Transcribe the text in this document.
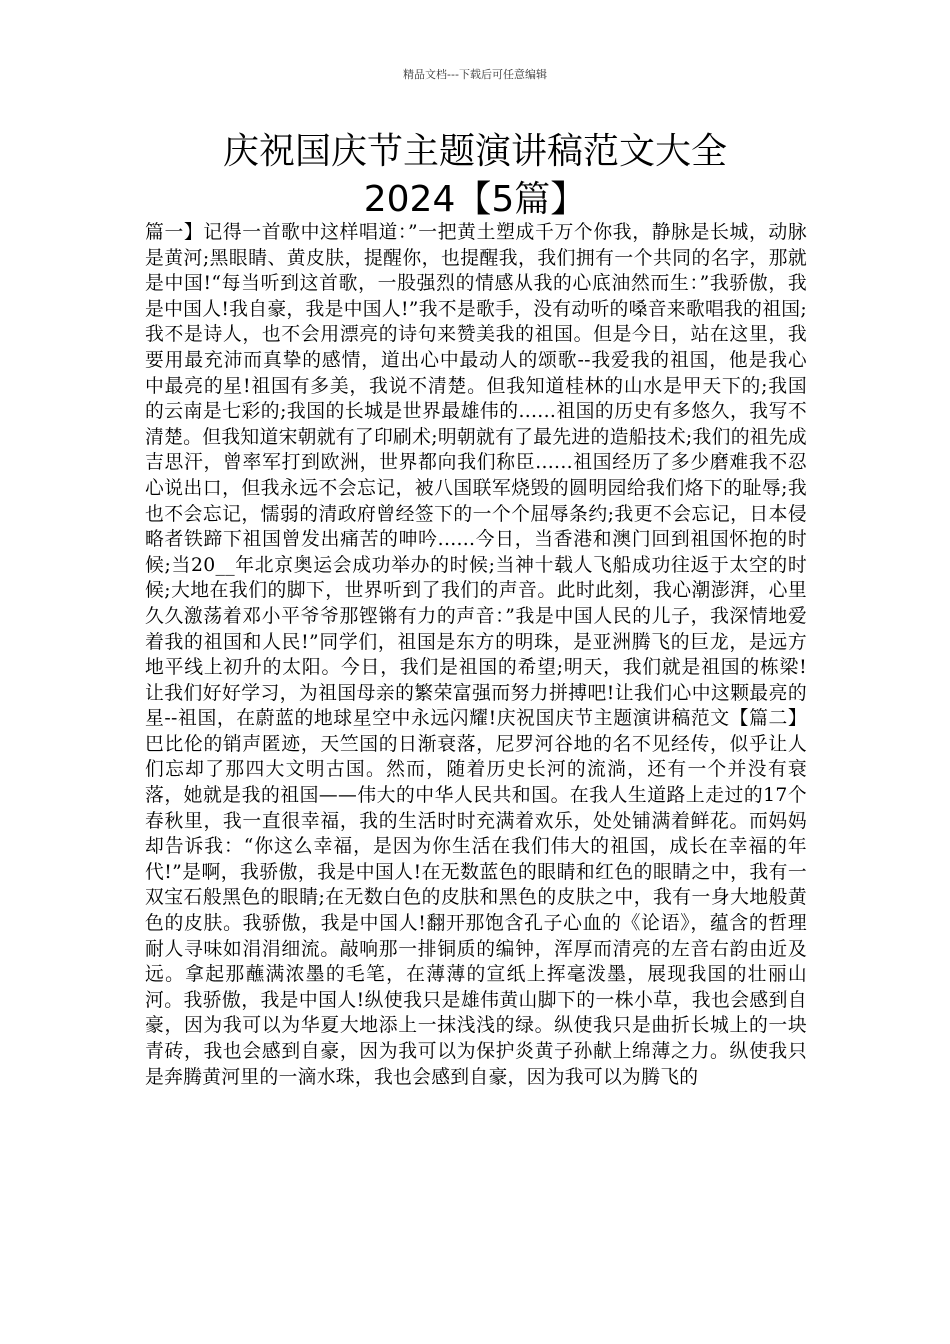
精品文档---下载后可任意编辑
庆祝国庆节主题演讲稿范文大全
2024【5篇】

篇一】记得一首歌中这样唱道：”一把黄土塑成千万个你我，静脉是长城，动脉是黄河;黑眼睛、黄皮肤，提醒你，也提醒我，我们拥有一个共同的名字，那就是中国!“每当听到这首歌，一股强烈的情感从我的心底油然而生：”我骄傲，我是中国人!我自豪，我是中国人!”我不是歌手，没有动听的嗓音来歌唱我的祖国;我不是诗人，也不会用漂亮的诗句来赞美我的祖国。但是今日，站在这里，我要用最充沛而真挚的感情，道出心中最动人的颂歌--我爱我的祖国，他是我心中最亮的星!祖国有多美，我说不清楚。但我知道桂林的山水是甲天下的;我国的云南是七彩的;我国的长城是世界最雄伟的......祖国的历史有多悠久，我写不清楚。但我知道宋朝就有了印刷术;明朝就有了最先进的造船技术;我们的祖先成吉思汗，曾率军打到欧洲，世界都向我们称臣......祖国经历了多少磨难我不忍心说出口，但我永远不会忘记，被八国联军烧毁的圆明园给我们烙下的耻辱;我也不会忘记，懦弱的清政府曾经签下的一个个屈辱条约;我更不会忘记，日本侵略者铁蹄下祖国曾发出痛苦的呻吟......今日，当香港和澳门回到祖国怀抱的时候;当20__年北京奥运会成功举办的时候;当神十载人飞船成功往返于太空的时候;大地在我们的脚下，世界听到了我们的声音。此时此刻，我心潮澎湃，心里久久激荡着邓小平爷爷那铿锵有力的声音：”我是中国人民的儿子，我深情地爱着我的祖国和人民!”同学们，祖国是东方的明珠，是亚洲腾飞的巨龙，是远方地平线上初升的太阳。今日，我们是祖国的希望;明天，我们就是祖国的栋梁!让我们好好学习，为祖国母亲的繁荣富强而努力拼搏吧!让我们心中这颗最亮的星--祖国，在蔚蓝的地球星空中永远闪耀!庆祝国庆节主题演讲稿范文【篇二】巴比伦的销声匿迹，天竺国的日渐衰落，尼罗河谷地的名不见经传，似乎让人们忘却了那四大文明古国。然而，随着历史长河的流淌，还有一个并没有衰落，她就是我的祖国——伟大的中华人民共和国。在我人生道路上走过的17个春秋里，我一直很幸福，我的生活时时充满着欢乐，处处铺满着鲜花。而妈妈却告诉我：“你这么幸福，是因为你生活在我们伟大的祖国，成长在幸福的年代!”是啊，我骄傲，我是中国人!在无数蓝色的眼睛和红色的眼睛之中，我有一双宝石般黑色的眼睛;在无数白色的皮肤和黑色的皮肤之中，我有一身大地般黄色的皮肤。我骄傲，我是中国人!翻开那饱含孔子心血的《论语》，蕴含的哲理耐人寻味如涓涓细流。敲响那一排铜质的编钟，浑厚而清亮的左音右韵由近及远。拿起那蘸满浓墨的毛笔，在薄薄的宣纸上挥毫泼墨，展现我国的壮丽山河。我骄傲，我是中国人!纵使我只是雄伟黄山脚下的一株小草，我也会感到自豪，因为我可以为华夏大地添上一抹浅浅的绿。纵使我只是曲折长城上的一块青砖，我也会感到自豪，因为我可以为保护炎黄子孙献上绵薄之力。纵使我只是奔腾黄河里的一滴水珠，我也会感到自豪，因为我可以为腾飞的
